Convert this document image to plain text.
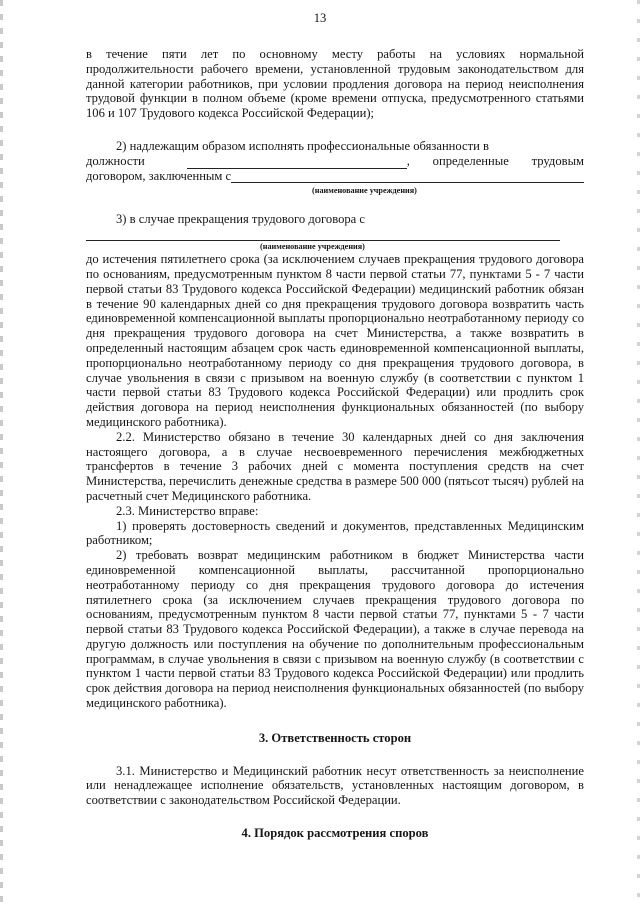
13

в течение пяти лет по основному месту работы на условиях нормальной продолжительности рабочего времени, установленной трудовым законодательством для данной категории работников, при условии продления договора на период неисполнения трудовой функции в полном объеме (кроме времени отпуска, предусмотренного статьями 106 и 107 Трудового кодекса Российской Федерации);

2) надлежащим образом исполнять профессиональные обязанности в

должности	, определенные трудовым
договором, заключенным с
(наименование учреждения)

3) в случае прекращения трудового договора с

(наименование учреждения)

до истечения пятилетнего срока (за исключением случаев прекращения трудового договора по основаниям, предусмотренным пунктом 8 части первой статьи 77, пунктами 5 - 7 части первой статьи 83 Трудового кодекса Российской Федерации) медицинский работник обязан в течение 90 календарных дней со дня прекращения трудового договора возвратить часть единовременной компенсационной выплаты пропорционально неотработанному периоду со дня прекращения трудового договора на счет Министерства, а также возвратить в определенный настоящим абзацем срок часть единовременной компенсационной выплаты, пропорционально неотработанному периоду со дня прекращения трудового договора, в случае увольнения в связи с призывом на военную службу (в соответствии с пунктом 1 части первой статьи 83 Трудового кодекса Российской Федерации) или продлить срок действия договора на период неисполнения функциональных обязанностей (по выбору медицинского работника).

2.2. Министерство обязано в течение 30 календарных дней со дня заключения настоящего договора, а в случае несвоевременного перечисления межбюджетных трансфертов в течение 3 рабочих дней с момента поступления средств на счет Министерства, перечислить денежные средства в размере 500 000 (пятьсот тысяч) рублей на расчетный счет Медицинского работника.

2.3. Министерство вправе:

1) проверять достоверность сведений и документов, представленных Медицинским работником;

2) требовать возврат медицинским работником в бюджет Министерства части единовременной компенсационной выплаты, рассчитанной пропорционально неотработанному периоду со дня прекращения трудового договора до истечения пятилетнего срока (за исключением случаев прекращения трудового договора по основаниям, предусмотренным пунктом 8 части первой статьи 77, пунктами 5 - 7 части первой статьи 83 Трудового кодекса Российской Федерации), а также в случае перевода на другую должность или поступления на обучение по дополнительным профессиональным программам, в случае увольнения в связи с призывом на военную службу (в соответствии с пунктом 1 части первой статьи 83 Трудового кодекса Российской Федерации) или продлить срок действия договора на период неисполнения функциональных обязанностей (по выбору медицинского работника).

3. Ответственность сторон

3.1. Министерство и Медицинский работник несут ответственность за неисполнение или ненадлежащее исполнение обязательств, установленных настоящим договором, в соответствии с законодательством Российской Федерации.

4. Порядок рассмотрения споров
